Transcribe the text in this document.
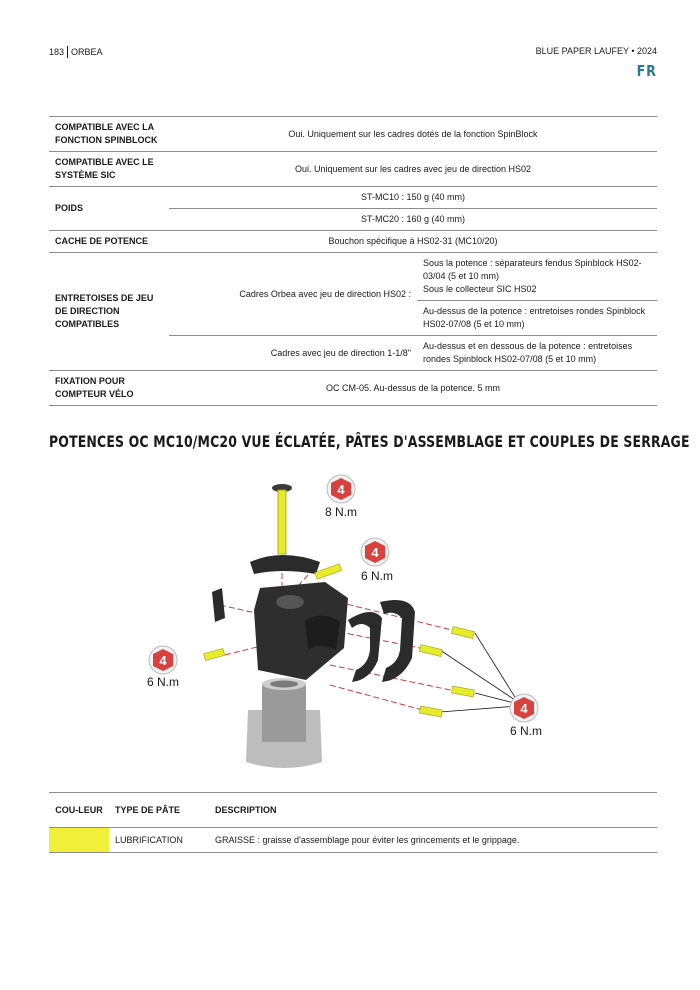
183 ORBEA	BLUE PAPER LAUFEY • 2024
FR
COMPATIBLE AVEC LA FONCTION SPINBLOCK	Oui. Uniquement sur les cadres dotés de la fonction SpinBlock	
COMPATIBLE AVEC LE SYSTÈME SIC	Oui. Uniquement sur les cadres avec jeu de direction HS02	
POIDS	ST-MC10 : 150 g (40 mm)	
	ST-MC20 : 160 g (40 mm)	
CACHE DE POTENCE	Bouchon spécifique à HS02-31 (MC10/20)	
ENTRETOISES DE JEU DE DIRECTION COMPATIBLES	Cadres Orbea avec jeu de direction HS02 :	Sous la potence : séparateurs fendus Spinblock HS02-03/04 (5 et 10 mm)
Sous le collecteur SIC HS02

		Au-dessus de la potence : entretoises rondes Spinblock HS02-07/08 (5 et 10 mm)
	Cadres avec jeu de direction 1-1/8"	Au-dessus et en dessous de la potence : entretoises rondes Spinblock HS02-07/08 (5 et 10 mm)
FIXATION POUR COMPTEUR VÉLO	OC CM-05. Au-dessus de la potence. 5 mm	
POTENCES OC MC10/MC20 VUE ÉCLATÉE, PÂTES D'ASSEMBLAGE ET COUPLES DE SERRAGE
4
8 N.m
4
6 N.m
4
6 N.m
4
6 N.m
COU-LEUR	TYPE DE PÂTE	DESCRIPTION
	LUBRIFICATION	GRAISSE : graisse d'assemblage pour éviter les grincements et le grippage.
